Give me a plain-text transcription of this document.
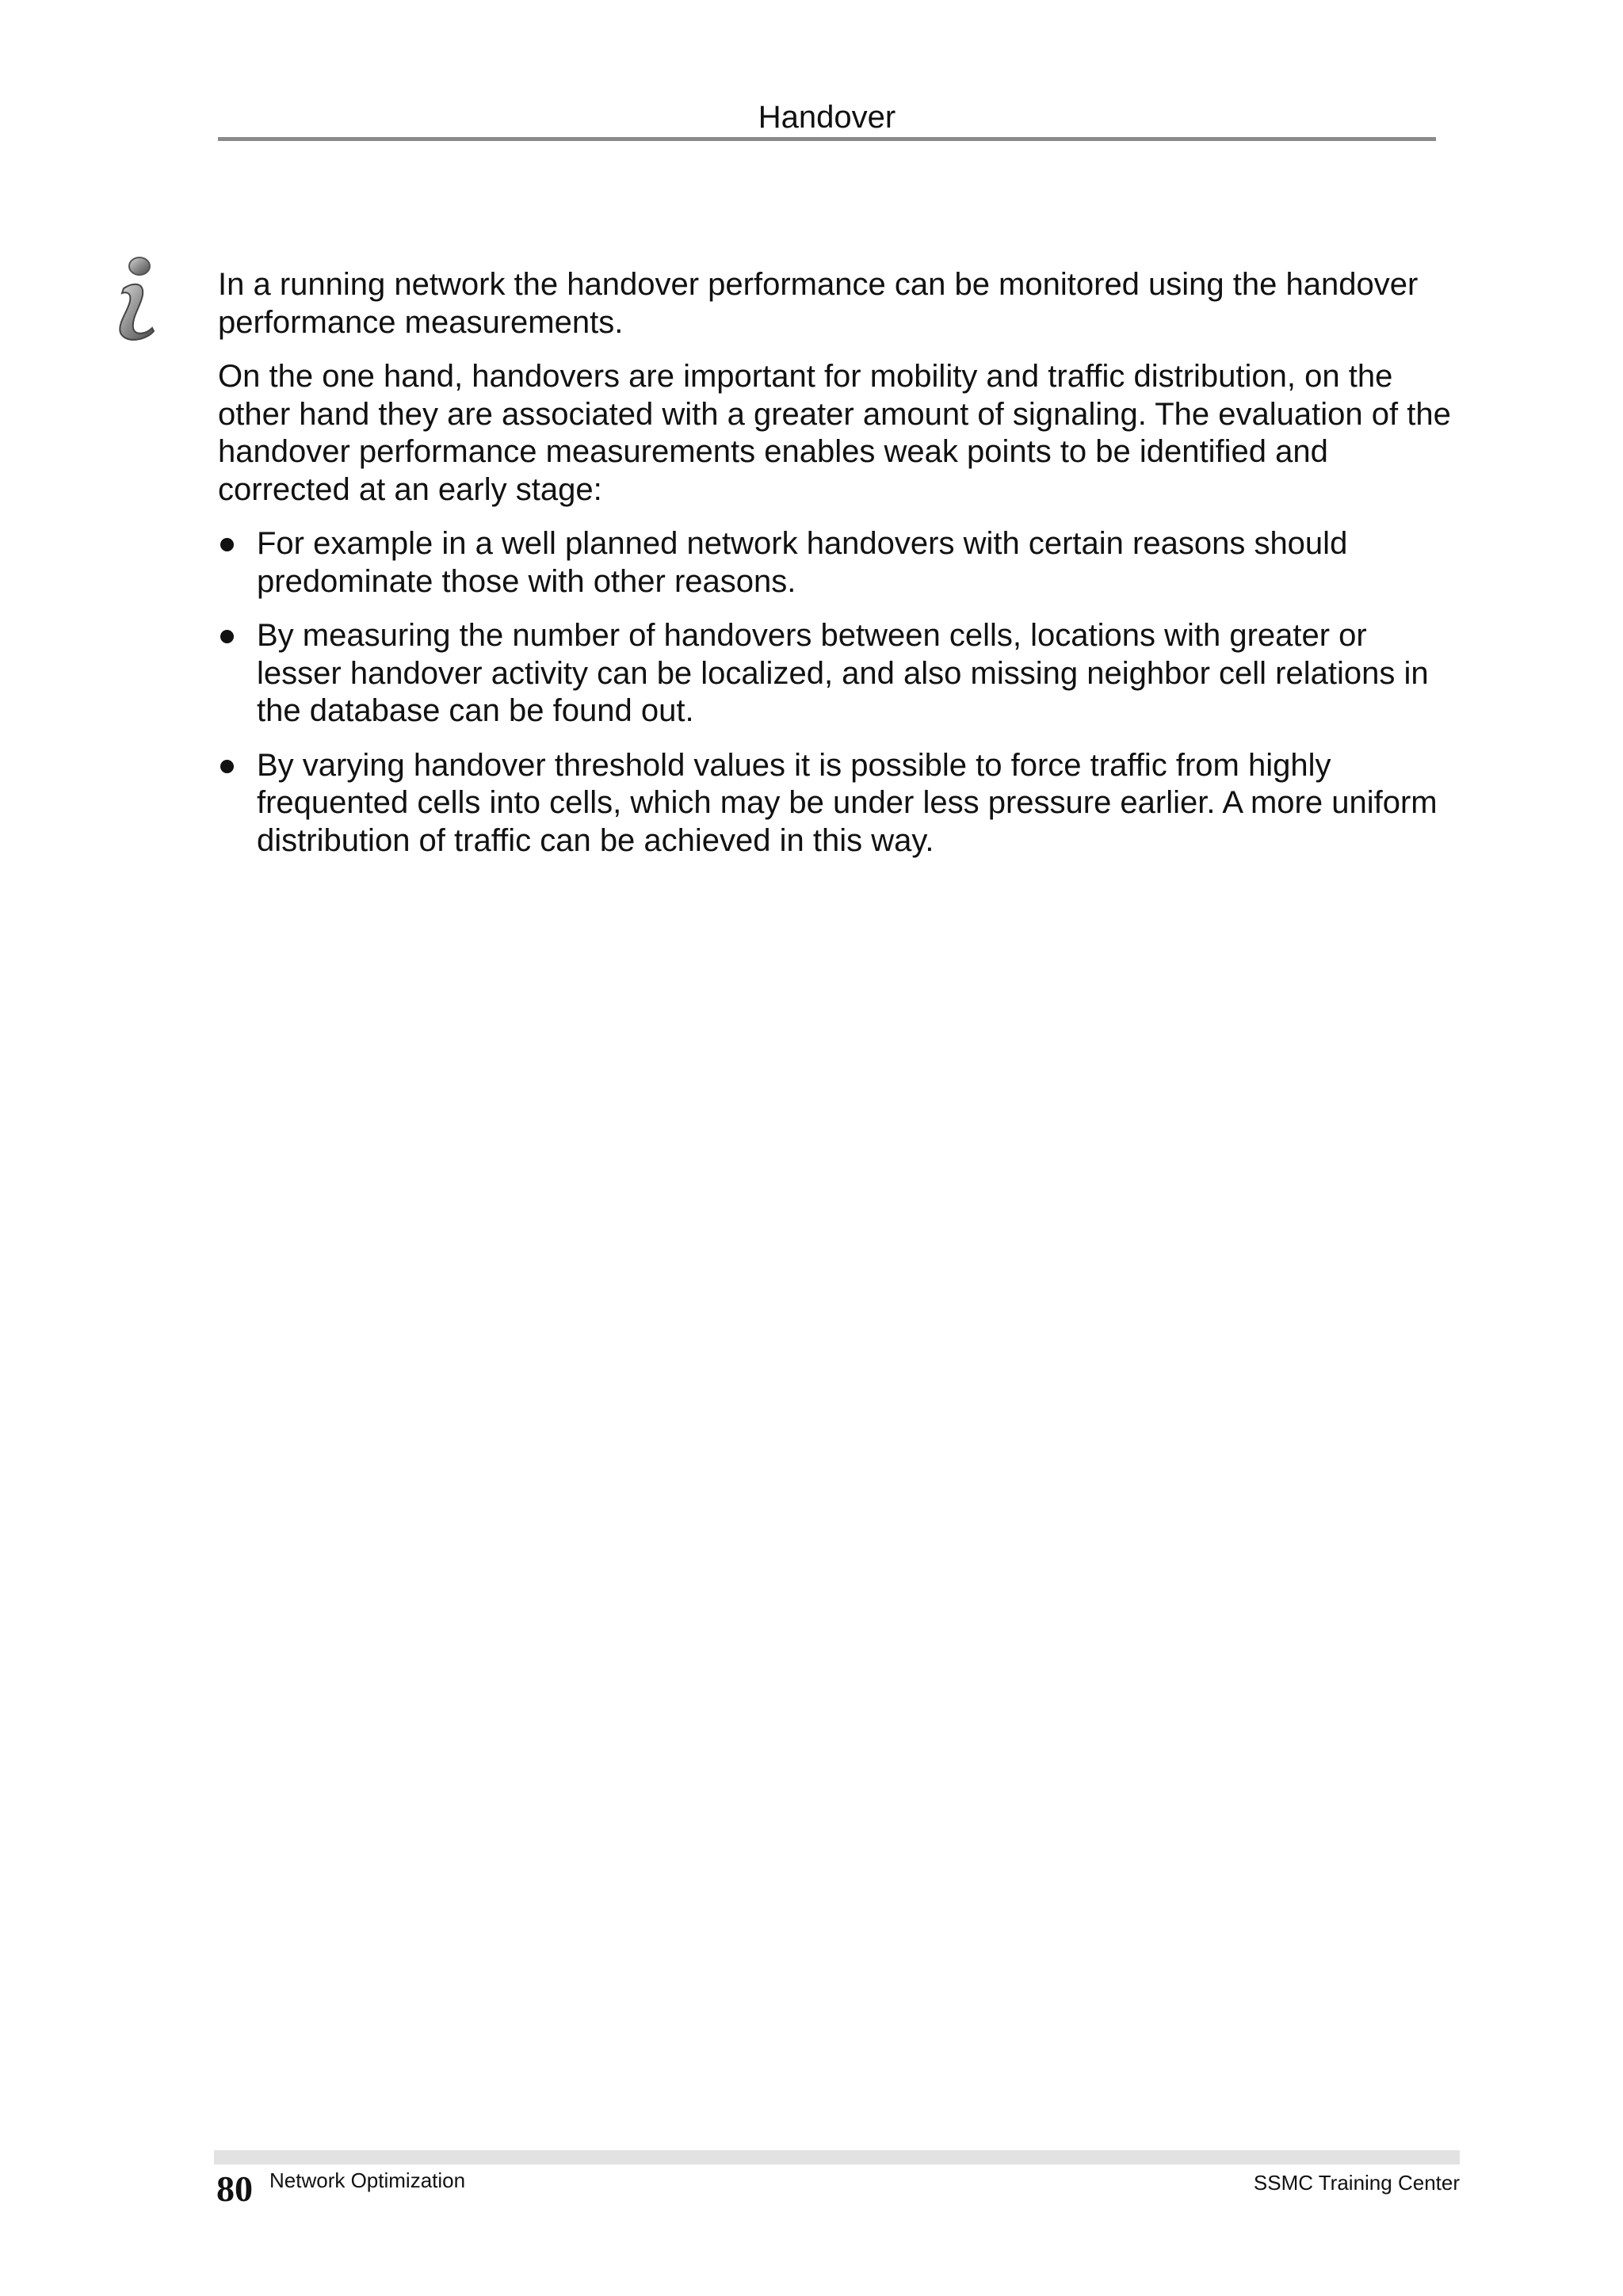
Handover

In a running network the handover performance can be monitored using the handover performance measurements.

On the one hand, handovers are important for mobility and traffic distribution, on the other hand they are associated with a greater amount of signaling. The evaluation of the handover performance measurements enables weak points to be identified and corrected at an early stage:

For example in a well planned network handovers with certain reasons should predominate those with other reasons.
By measuring the number of handovers between cells, locations with greater or lesser handover activity can be localized, and also missing neighbor cell relations in the database can be found out.
By varying handover threshold values it is possible to force traffic from highly frequented cells into cells, which may be under less pressure earlier. A more uniform distribution of traffic can be achieved in this way.
80 Network Optimization	SSMC Training Center
